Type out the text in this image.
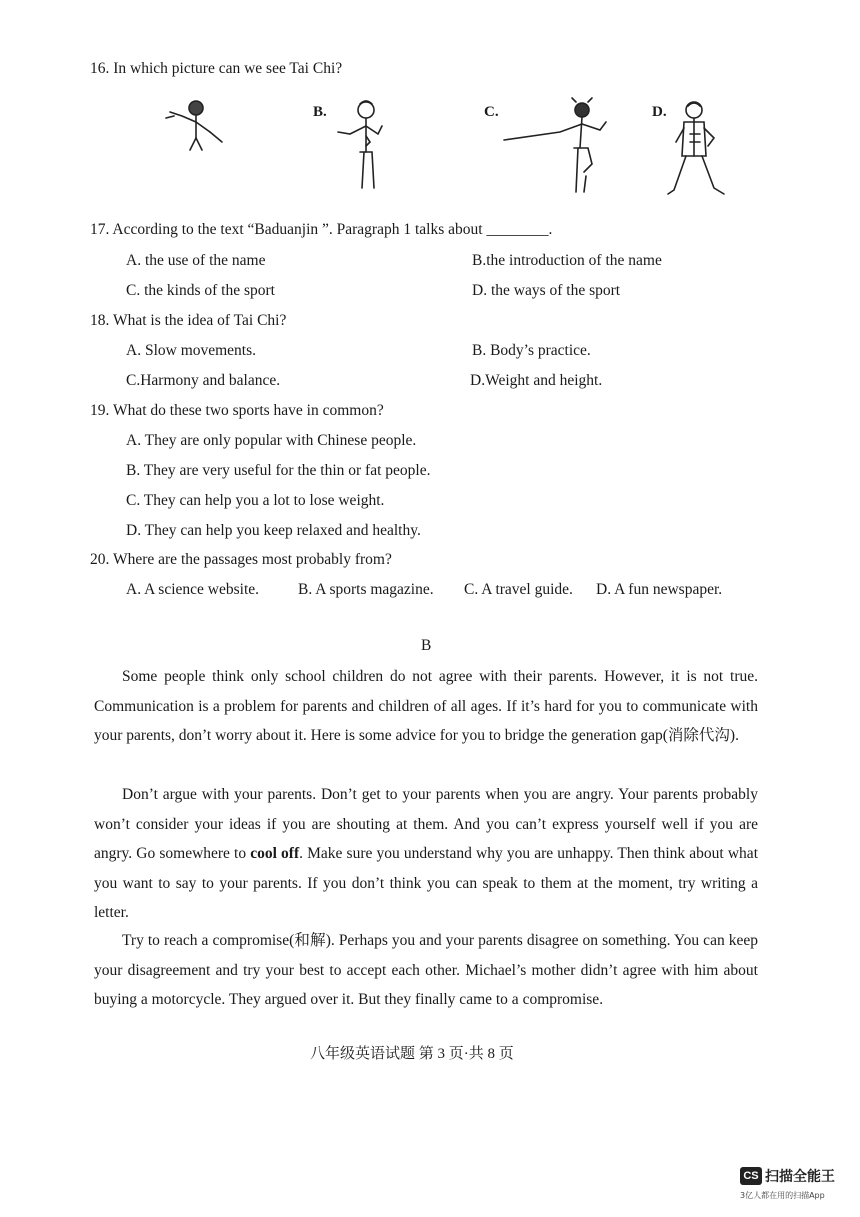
16. In which picture can we see Tai Chi?
B.	C.	D.
17. According to the text “Baduanjin ”. Paragraph 1 talks about ________.
A. the use of the name	B.the introduction of the name
C. the kinds of the sport	D. the ways of the sport
18. What is the idea of Tai Chi?
A. Slow movements.	B. Body’s practice.
C.Harmony and balance.	D.Weight and height.
19. What do these two sports have in common?
A. They are only popular with Chinese people.
B. They are very useful for the thin or fat people.
C. They can help you a lot to lose weight.
D. They can help you keep relaxed and healthy.
20. Where are the passages most probably from?
A. A science website.	B. A sports magazine. C. A travel guide. D. A fun newspaper.
B
Some people think only school children do not agree with their parents. However, it is not true. Communication is a problem for parents and children of all ages. If it’s hard for you to communicate with your parents, don’t worry about it. Here is some advice for you to bridge the generation gap(消除代沟).
Don’t argue with your parents. Don’t get to your parents when you are angry. Your parents probably won’t consider your ideas if you are shouting at them. And you can’t express yourself well if you are angry. Go somewhere to cool off. Make sure you understand why you are unhappy. Then think about what you want to say to your parents. If you don’t think you can speak to them at the moment, try writing a letter.
Try to reach a compromise(和解). Perhaps you and your parents disagree on something. You can keep your disagreement and try your best to accept each other. Michael’s mother didn’t agree with him about buying a motorcycle. They argued over it. But they finally came to a compromise.
八年级英语试题 第 3 页·共 8 页
CS 扫描全能王
3亿人都在用的扫描App
